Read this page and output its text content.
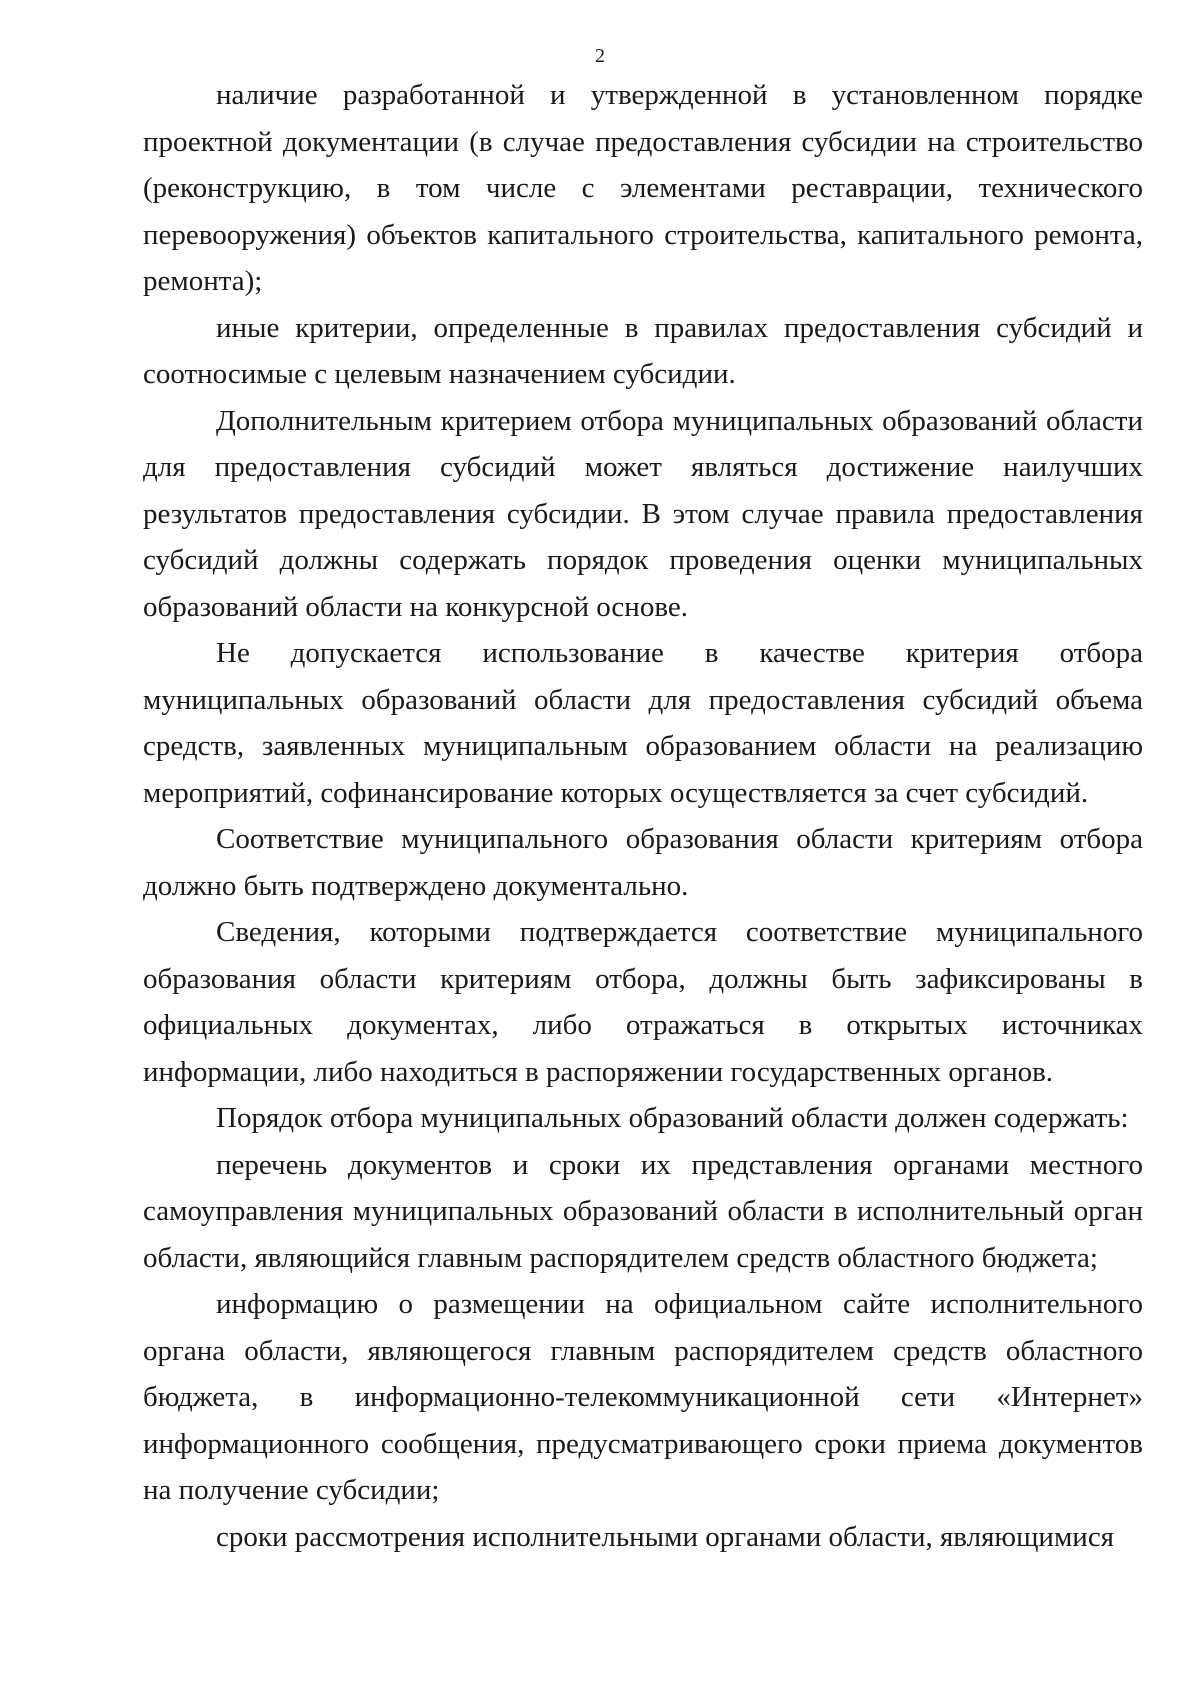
2

наличие разработанной и утвержденной в установленном порядке проектной документации (в случае предоставления субсидии на строительство (реконструкцию, в том числе с элементами реставрации, технического перевооружения) объектов капитального строительства, капитального ремонта, ремонта);

иные критерии, определенные в правилах предоставления субсидий и соотносимые с целевым назначением субсидии.

Дополнительным критерием отбора муниципальных образований области для предоставления субсидий может являться достижение наилучших результатов предоставления субсидии. В этом случае правила предоставления субсидий должны содержать порядок проведения оценки муниципальных образований области на конкурсной основе.

Не допускается использование в качестве критерия отбора муниципальных образований области для предоставления субсидий объема средств, заявленных муниципальным образованием области на реализацию мероприятий, софинансирование которых осуществляется за счет субсидий.

Соответствие муниципального образования области критериям отбора должно быть подтверждено документально.

Сведения, которыми подтверждается соответствие муниципального образования области критериям отбора, должны быть зафиксированы в официальных документах, либо отражаться в открытых источниках информации, либо находиться в распоряжении государственных органов.

Порядок отбора муниципальных образований области должен содержать:

перечень документов и сроки их представления органами местного самоуправления муниципальных образований области в исполнительный орган области, являющийся главным распорядителем средств областного бюджета;

информацию о размещении на официальном сайте исполнительного органа области, являющегося главным распорядителем средств областного бюджета, в информационно-телекоммуникационной сети «Интернет» информационного сообщения, предусматривающего сроки приема документов на получение субсидии;

сроки рассмотрения исполнительными органами области, являющимися
